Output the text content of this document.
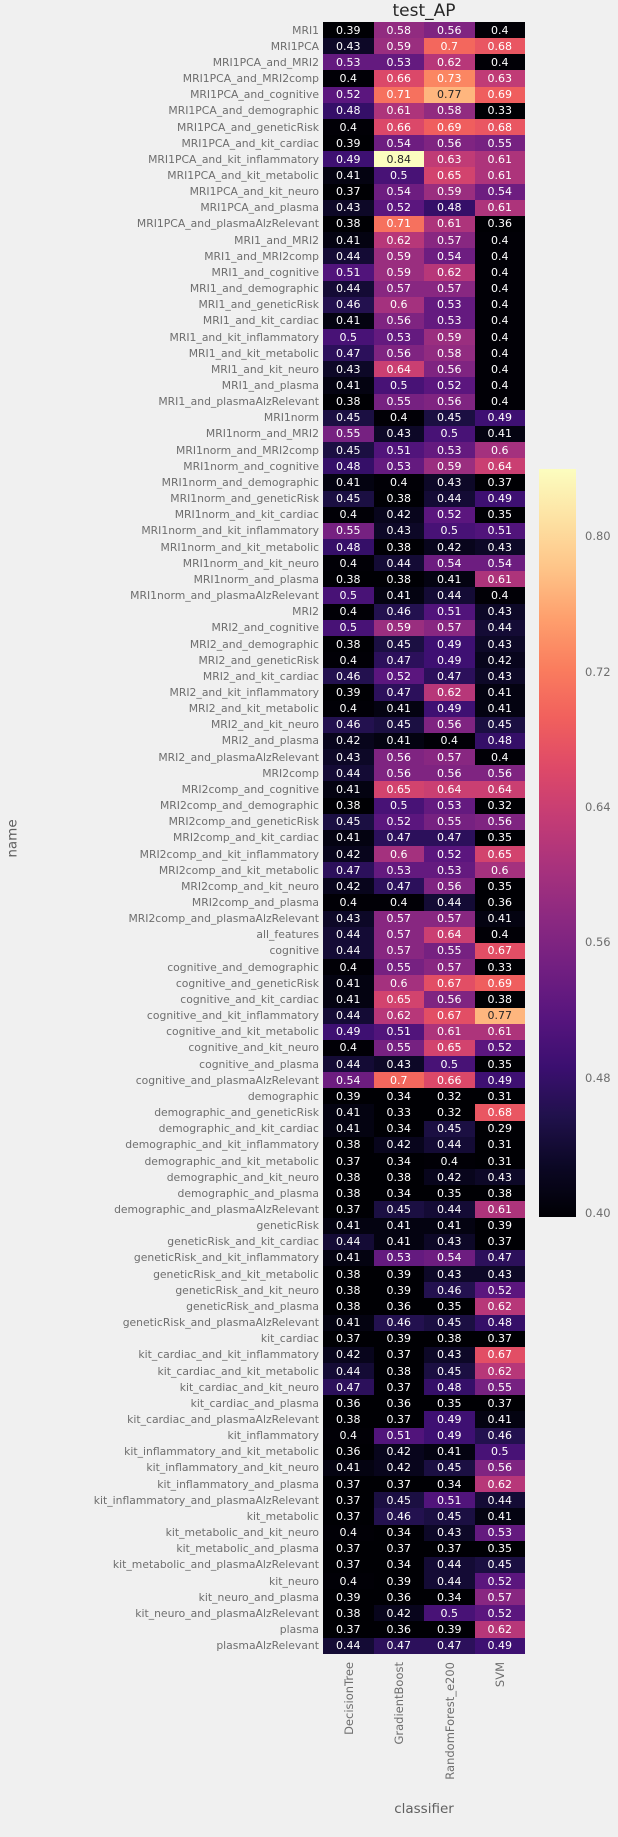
test_AP
name
MRI1	0.39	0.58	0.56	0.4
MRI1PCA	0.43	0.59	0.7	0.68
MRI1PCA_and_MRI2	0.53	0.53	0.62	0.4
MRI1PCA_and_MRI2comp	0.4	0.66	0.73	0.63
MRI1PCA_and_cognitive	0.52	0.71	0.77	0.69
MRI1PCA_and_demographic	0.48	0.61	0.58	0.33
MRI1PCA_and_geneticRisk	0.4	0.66	0.69	0.68
MRI1PCA_and_kit_cardiac	0.39	0.54	0.56	0.55
MRI1PCA_and_kit_inflammatory	0.49	0.84	0.63	0.61
MRI1PCA_and_kit_metabolic	0.41	0.5	0.65	0.61
MRI1PCA_and_kit_neuro	0.37	0.54	0.59	0.54
MRI1PCA_and_plasma	0.43	0.52	0.48	0.61
MRI1PCA_and_plasmaAlzRelevant	0.38	0.71	0.61	0.36
MRI1_and_MRI2	0.41	0.62	0.57	0.4
MRI1_and_MRI2comp	0.44	0.59	0.54	0.4
MRI1_and_cognitive	0.51	0.59	0.62	0.4
MRI1_and_demographic	0.44	0.57	0.57	0.4
MRI1_and_geneticRisk	0.46	0.6	0.53	0.4
MRI1_and_kit_cardiac	0.41	0.56	0.53	0.4
MRI1_and_kit_inflammatory	0.5	0.53	0.59	0.4
MRI1_and_kit_metabolic	0.47	0.56	0.58	0.4
MRI1_and_kit_neuro	0.43	0.64	0.56	0.4
MRI1_and_plasma	0.41	0.5	0.52	0.4
MRI1_and_plasmaAlzRelevant	0.38	0.55	0.56	0.4
MRI1norm	0.45	0.4	0.45	0.49
MRI1norm_and_MRI2	0.55	0.43	0.5	0.41
MRI1norm_and_MRI2comp	0.45	0.51	0.53	0.6
MRI1norm_and_cognitive	0.48	0.53	0.59	0.64
MRI1norm_and_demographic	0.41	0.4	0.43	0.37
MRI1norm_and_geneticRisk	0.45	0.38	0.44	0.49
MRI1norm_and_kit_cardiac	0.4	0.42	0.52	0.35
MRI1norm_and_kit_inflammatory	0.55	0.43	0.5	0.51
MRI1norm_and_kit_metabolic	0.48	0.38	0.42	0.43
MRI1norm_and_kit_neuro	0.4	0.44	0.54	0.54
MRI1norm_and_plasma	0.38	0.38	0.41	0.61
MRI1norm_and_plasmaAlzRelevant	0.5	0.41	0.44	0.4
MRI2	0.4	0.46	0.51	0.43
MRI2_and_cognitive	0.5	0.59	0.57	0.44
MRI2_and_demographic	0.38	0.45	0.49	0.43
MRI2_and_geneticRisk	0.4	0.47	0.49	0.42
MRI2_and_kit_cardiac	0.46	0.52	0.47	0.43
MRI2_and_kit_inflammatory	0.39	0.47	0.62	0.41
MRI2_and_kit_metabolic	0.4	0.41	0.49	0.41
MRI2_and_kit_neuro	0.46	0.45	0.56	0.45
MRI2_and_plasma	0.42	0.41	0.4	0.48
MRI2_and_plasmaAlzRelevant	0.43	0.56	0.57	0.4
MRI2comp	0.44	0.56	0.56	0.56
MRI2comp_and_cognitive	0.41	0.65	0.64	0.64
MRI2comp_and_demographic	0.38	0.5	0.53	0.32
MRI2comp_and_geneticRisk	0.45	0.52	0.55	0.56
MRI2comp_and_kit_cardiac	0.41	0.47	0.47	0.35
MRI2comp_and_kit_inflammatory	0.42	0.6	0.52	0.65
MRI2comp_and_kit_metabolic	0.47	0.53	0.53	0.6
MRI2comp_and_kit_neuro	0.42	0.47	0.56	0.35
MRI2comp_and_plasma	0.4	0.4	0.44	0.36
MRI2comp_and_plasmaAlzRelevant	0.43	0.57	0.57	0.41
all_features	0.44	0.57	0.64	0.4
cognitive	0.44	0.57	0.55	0.67
cognitive_and_demographic	0.4	0.55	0.57	0.33
cognitive_and_geneticRisk	0.41	0.6	0.67	0.69
cognitive_and_kit_cardiac	0.41	0.65	0.56	0.38
cognitive_and_kit_inflammatory	0.44	0.62	0.67	0.77
cognitive_and_kit_metabolic	0.49	0.51	0.61	0.61
cognitive_and_kit_neuro	0.4	0.55	0.65	0.52
cognitive_and_plasma	0.44	0.43	0.5	0.35
cognitive_and_plasmaAlzRelevant	0.54	0.7	0.66	0.49
demographic	0.39	0.34	0.32	0.31
demographic_and_geneticRisk	0.41	0.33	0.32	0.68
demographic_and_kit_cardiac	0.41	0.34	0.45	0.29
demographic_and_kit_inflammatory	0.38	0.42	0.44	0.31
demographic_and_kit_metabolic	0.37	0.34	0.4	0.31
demographic_and_kit_neuro	0.38	0.38	0.42	0.43
demographic_and_plasma	0.38	0.34	0.35	0.38
demographic_and_plasmaAlzRelevant	0.37	0.45	0.44	0.61
geneticRisk	0.41	0.41	0.41	0.39
geneticRisk_and_kit_cardiac	0.44	0.41	0.43	0.37
geneticRisk_and_kit_inflammatory	0.41	0.53	0.54	0.47
geneticRisk_and_kit_metabolic	0.38	0.39	0.43	0.43
geneticRisk_and_kit_neuro	0.38	0.39	0.46	0.52
geneticRisk_and_plasma	0.38	0.36	0.35	0.62
geneticRisk_and_plasmaAlzRelevant	0.41	0.46	0.45	0.48
kit_cardiac	0.37	0.39	0.38	0.37
kit_cardiac_and_kit_inflammatory	0.42	0.37	0.43	0.67
kit_cardiac_and_kit_metabolic	0.44	0.38	0.45	0.62
kit_cardiac_and_kit_neuro	0.47	0.37	0.48	0.55
kit_cardiac_and_plasma	0.36	0.36	0.35	0.37
kit_cardiac_and_plasmaAlzRelevant	0.38	0.37	0.49	0.41
kit_inflammatory	0.4	0.51	0.49	0.46
kit_inflammatory_and_kit_metabolic	0.36	0.42	0.41	0.5
kit_inflammatory_and_kit_neuro	0.41	0.42	0.45	0.56
kit_inflammatory_and_plasma	0.37	0.37	0.34	0.62
kit_inflammatory_and_plasmaAlzRelevant	0.37	0.45	0.51	0.44
kit_metabolic	0.37	0.46	0.45	0.41
kit_metabolic_and_kit_neuro	0.4	0.34	0.43	0.53
kit_metabolic_and_plasma	0.37	0.37	0.37	0.35
kit_metabolic_and_plasmaAlzRelevant	0.37	0.34	0.44	0.45
kit_neuro	0.4	0.39	0.44	0.52
kit_neuro_and_plasma	0.39	0.36	0.34	0.57
kit_neuro_and_plasmaAlzRelevant	0.38	0.42	0.5	0.52
plasma	0.37	0.36	0.39	0.62
plasmaAlzRelevant	0.44	0.47	0.47	0.49
DecisionTree	GradientBoost	RandomForest_e200	SVM
classifier
0.80
0.72
0.64
0.56
0.48
0.40
